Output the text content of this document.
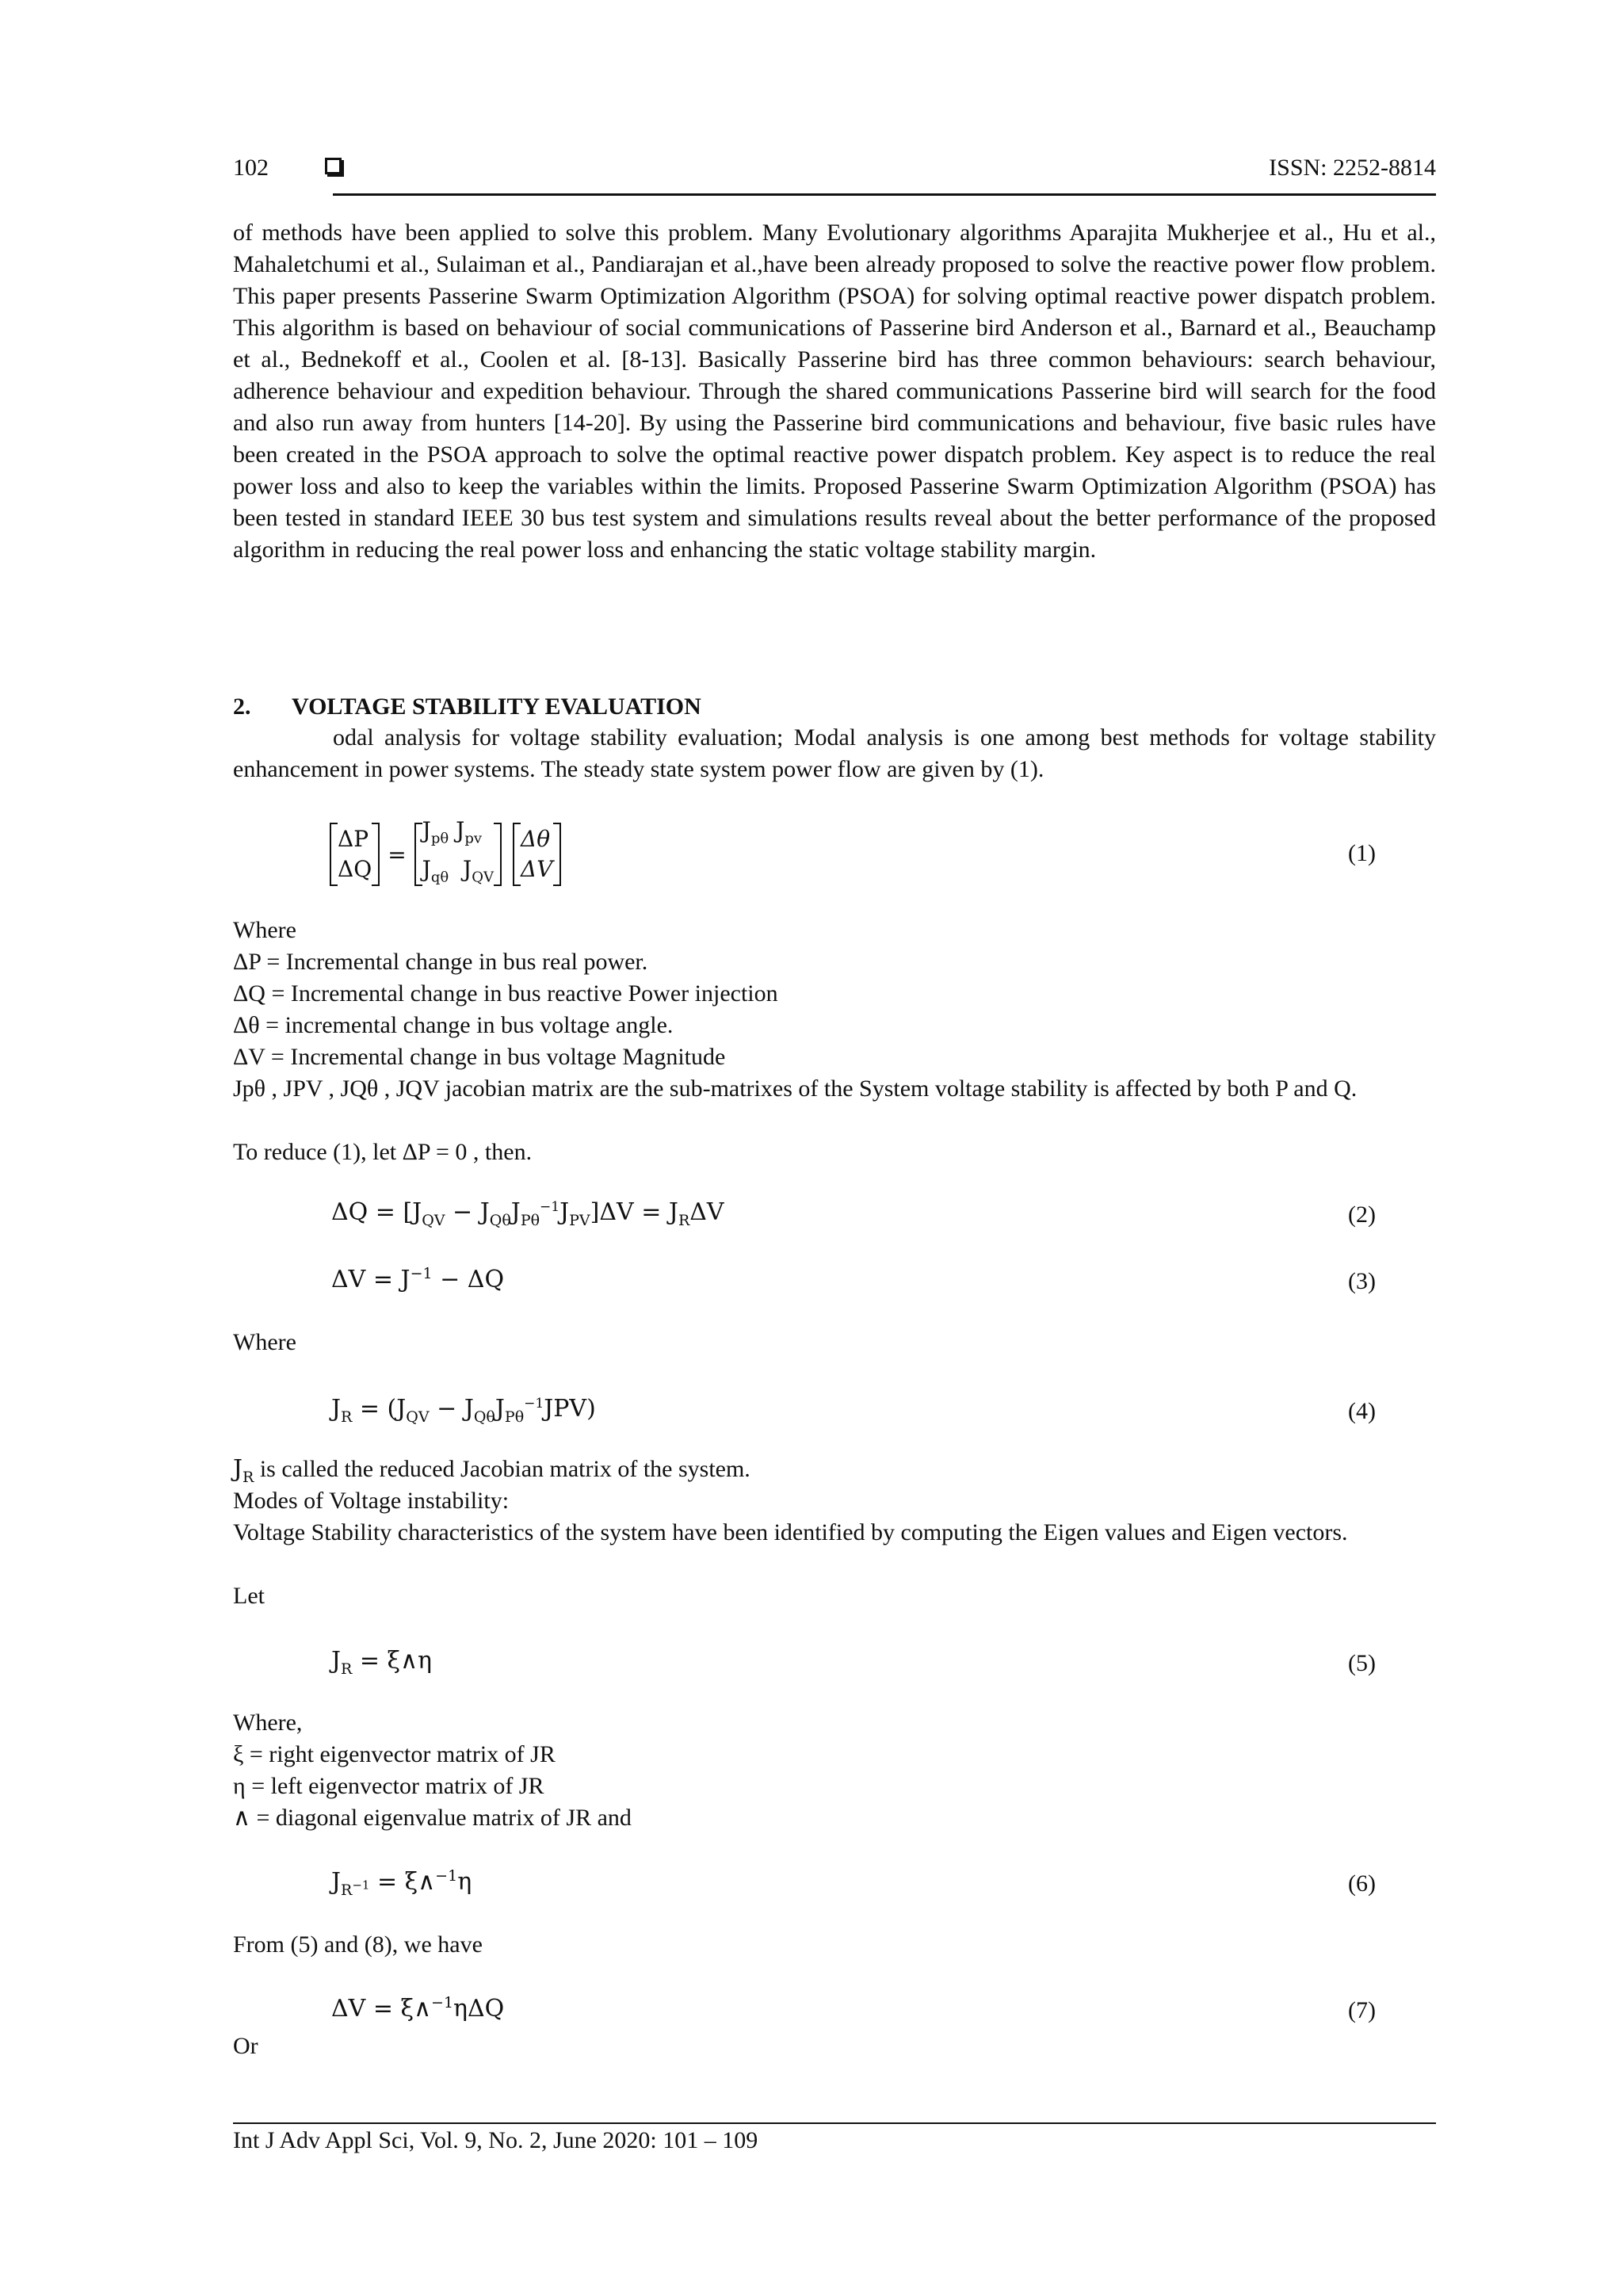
102	ISSN: 2252-8814

of methods have been applied to solve this problem. Many Evolutionary algorithms Aparajita Mukherjee et al., Hu et al., Mahaletchumi et al., Sulaiman et al., Pandiarajan et al.,have been already proposed to solve the reactive power flow problem. This paper presents Passerine Swarm Optimization Algorithm (PSOA) for solving optimal reactive power dispatch problem. This algorithm is based on behaviour of social communications of Passerine bird Anderson et al., Barnard et al., Beauchamp et al., Bednekoff et al., Coolen et al. [8-13]. Basically Passerine bird has three common behaviours: search behaviour, adherence behaviour and expedition behaviour. Through the shared communications Passerine bird will search for the food and also run away from hunters [14-20]. By using the Passerine bird communications and behaviour, five basic rules have been created in the PSOA approach to solve the optimal reactive power dispatch problem. Key aspect is to reduce the real power loss and also to keep the variables within the limits. Proposed Passerine Swarm Optimization Algorithm (PSOA) has been tested in standard IEEE 30 bus test system and simulations results reveal about the better performance of the proposed algorithm in reducing the real power loss and enhancing the static voltage stability margin.

2. VOLTAGE STABILITY EVALUATION

odal analysis for voltage stability evaluation; Modal analysis is one among best methods for voltage stability enhancement in power systems. The steady state system power flow are given by (1).

ΔP
ΔQ
=
$J_{p\theta}$ $J_{pv}$
$J_{q\theta}$  $J_{QV}$
Δθ
ΔV
(1)
Where
ΔP = Incremental change in bus real power.
ΔQ = Incremental change in bus reactive Power injection
Δθ = incremental change in bus voltage angle.
ΔV = Incremental change in bus voltage Magnitude

Jpθ , JPV , JQθ , JQV jacobian matrix are the sub-matrixes of the System voltage stability is affected by both P and Q.

To reduce (1), let ΔP = 0 , then.
$\Delta Q = [J_{QV} - J_{Q\theta}J_{P\theta}^{-1}J_{PV}]\Delta V = J_R\Delta V$	(2)
$\Delta V = J^{-1} - \Delta Q$	(3)
Where
$J_R = (J_{QV} - J_{Q\theta}J_{P\theta}^{-1}JPV)$	(4)
$J_R$ is called the reduced Jacobian matrix of the system.
Modes of Voltage instability:

Voltage Stability characteristics of the system have been identified by computing the Eigen values and Eigen vectors.

Let
$J_R$ = ξ∧η	(5)
Where,
ξ = right eigenvector matrix of JR
η = left eigenvector matrix of JR
∧ = diagonal eigenvalue matrix of JR and
$J_{R^{-1}}$ = ξ∧$^{-1}$η	(6)
From (5) and (8), we have
ΔV = ξ∧$^{-1}$ηΔQ	(7)
Or
Int J Adv Appl Sci, Vol. 9, No. 2, June 2020: 101 – 109
